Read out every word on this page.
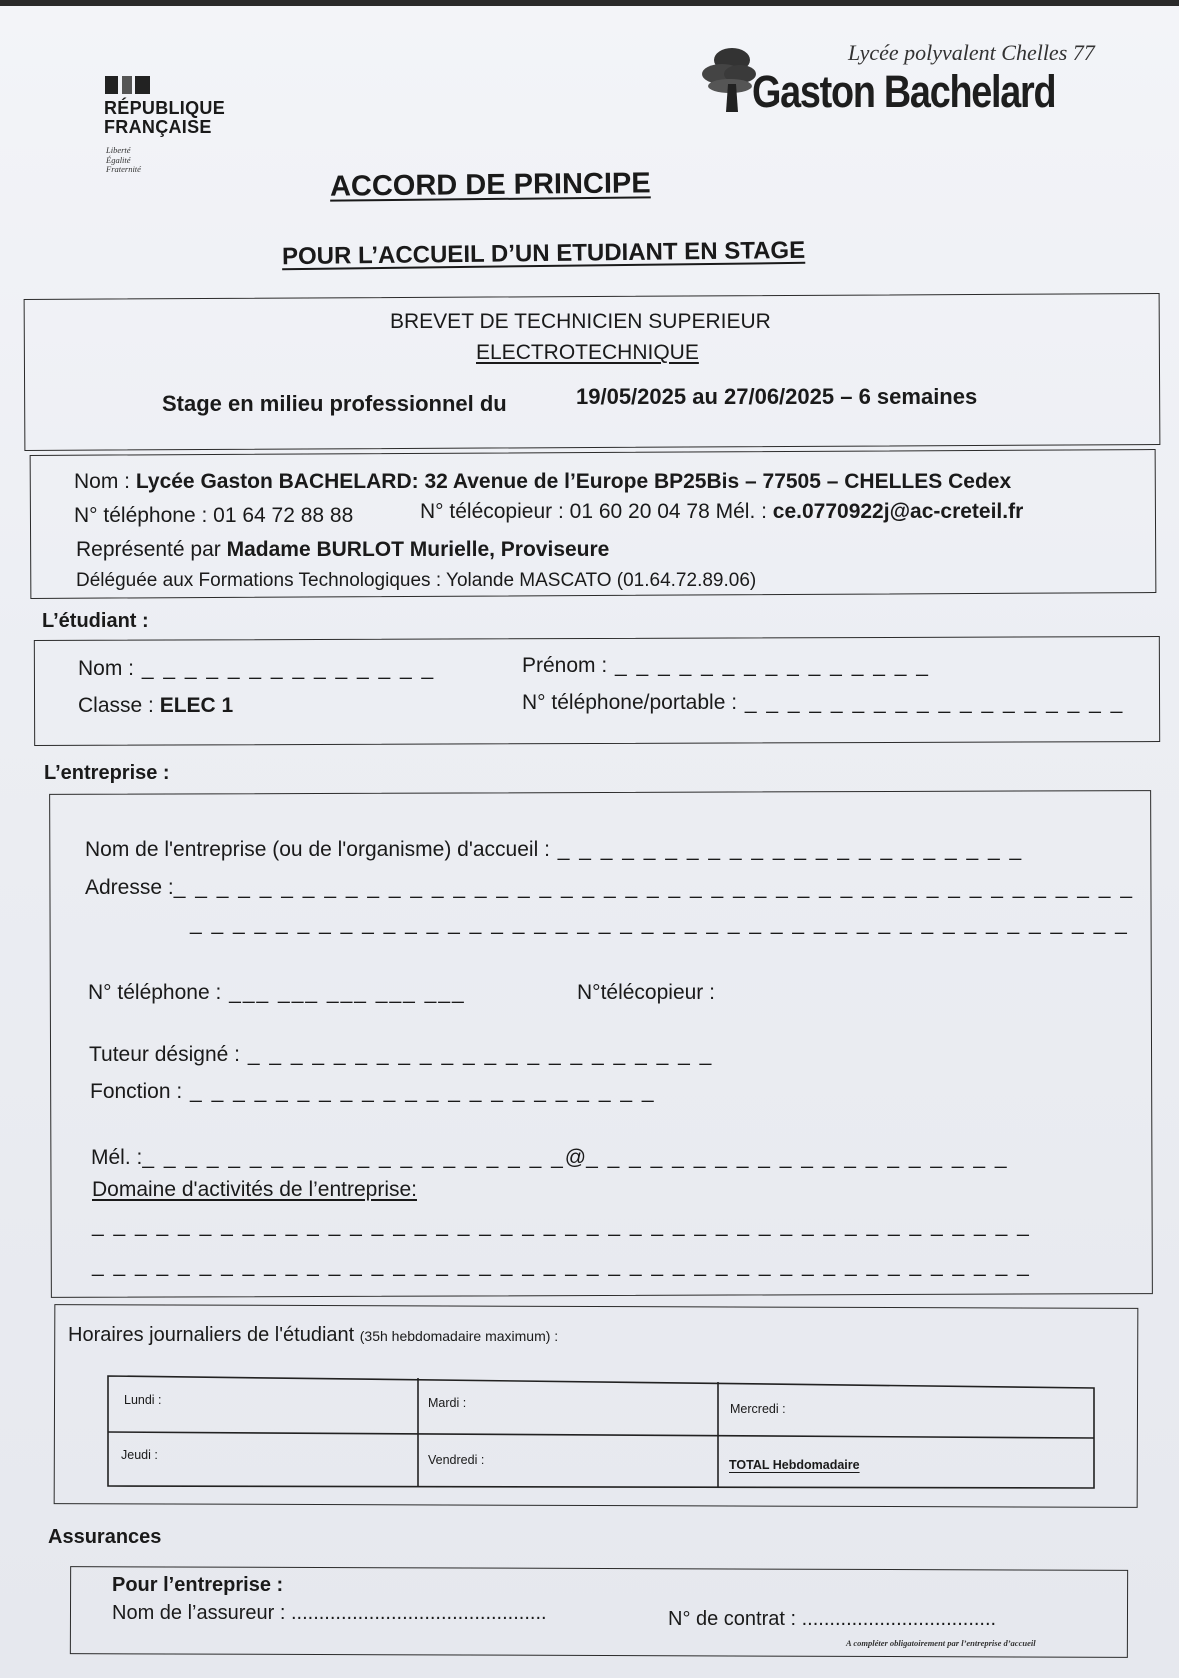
RÉPUBLIQUE
FRANÇAISE
Liberté
Égalité
Fraternité
Lycée polyvalent Chelles 77
Gaston Bachelard
ACCORD DE PRINCIPE
POUR L’ACCUEIL D’UN ETUDIANT EN STAGE
BREVET DE TECHNICIEN SUPERIEUR
ELECTROTECHNIQUE
Stage en milieu professionnel du	19/05/2025 au 27/06/2025 – 6 semaines
Nom : Lycée Gaston BACHELARD: 32 Avenue de l’Europe BP25Bis – 77505 – CHELLES Cedex
N° téléphone : 01 64 72 88 88	N° télécopieur : 01 60 20 04 78 Mél. : ce.0770922j@ac-creteil.fr
Représenté par Madame BURLOT Murielle, Proviseure
Déléguée aux Formations Technologiques : Yolande MASCATO (01.64.72.89.06)
L’étudiant :
Nom : _ _ _ _ _ _ _ _ _ _ _ _ _ _	Prénom : _ _ _ _ _ _ _ _ _ _ _ _ _ _ _
Classe : ELEC 1	N° téléphone/portable : _ _ _ _ _ _ _ _ _ _ _ _ _ _ _ _ _ _
L’entreprise :
Nom de l'entreprise (ou de l'organisme) d'accueil : _ _ _ _ _ _ _ _ _ _ _ _ _ _ _ _ _ _ _ _ _ _
Adresse :_ _ _ _ _ _ _ _ _ _ _ _ _ _ _ _ _ _ _ _ _ _ _ _ _ _ _ _ _ _ _ _ _ _ _ _ _ _ _ _ _ _ _ _ _
_ _ _ _ _ _ _ _ _ _ _ _ _ _ _ _ _ _ _ _ _ _ _ _ _ _ _ _ _ _ _ _ _ _ _ _ _ _ _ _ _ _ _ _
N° téléphone : ___ ___ ___ ___ ___	N°télécopieur :
Tuteur désigné : _ _ _ _ _ _ _ _ _ _ _ _ _ _ _ _ _ _ _ _ _ _
Fonction : _ _ _ _ _ _ _ _ _ _ _ _ _ _ _ _ _ _ _ _ _ _
Mél. :_ _ _ _ _ _ _ _ _ _ _ _ _ _ _ _ _ _ _ _@_ _ _ _ _ _ _ _ _ _ _ _ _ _ _ _ _ _ _ _
Domaine d'activités de l’entreprise:
_ _ _ _ _ _ _ _ _ _ _ _ _ _ _ _ _ _ _ _ _ _ _ _ _ _ _ _ _ _ _ _ _ _ _ _ _ _ _ _ _ _ _ _
_ _ _ _ _ _ _ _ _ _ _ _ _ _ _ _ _ _ _ _ _ _ _ _ _ _ _ _ _ _ _ _ _ _ _ _ _ _ _ _ _ _ _ _
Horaires journaliers de l'étudiant (35h hebdomadaire maximum) :
Lundi :	Mardi :	Mercredi :
Jeudi :	Vendredi :	TOTAL Hebdomadaire
Assurances
Pour l’entreprise :
Nom de l’assureur : ..............................................	N° de contrat : ...................................
A compléter obligatoirement par l’entreprise d’accueil
